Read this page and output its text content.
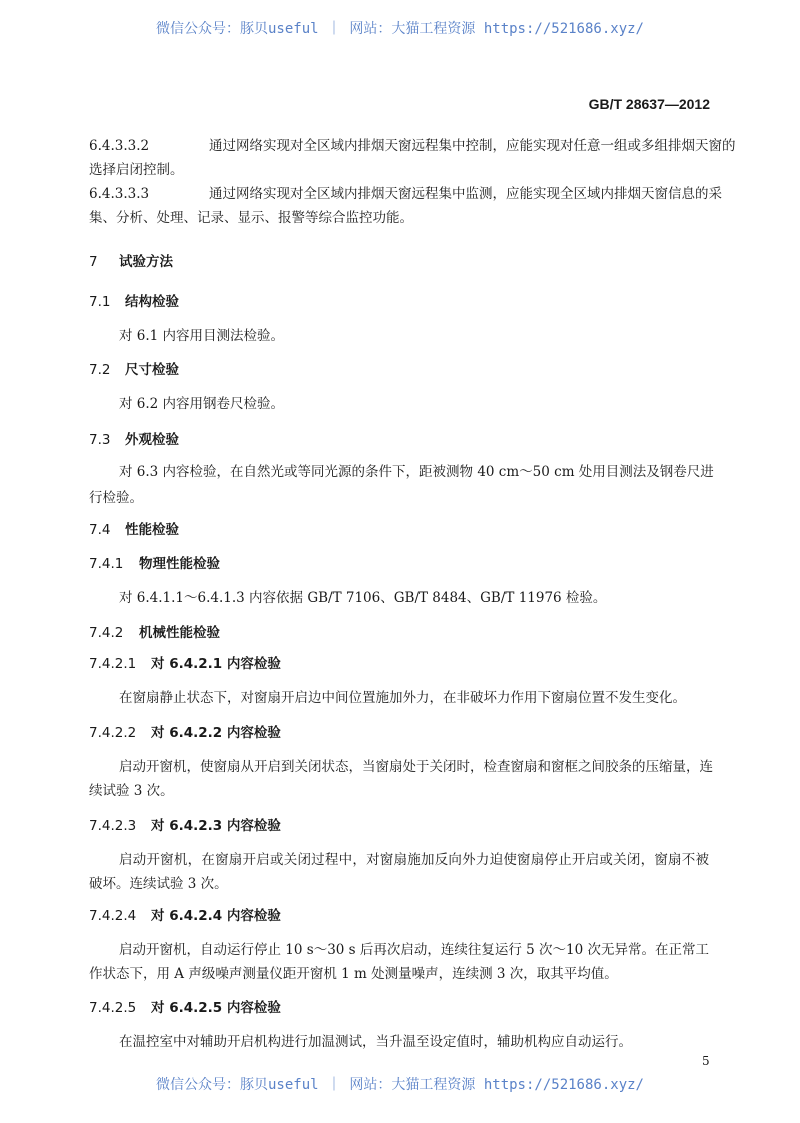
微信公众号：豚贝useful ｜ 网站：大猫工程资源 https://521686.xyz/
GB/T 28637—2012
6.4.3.3.2	通过网络实现对全区域内排烟天窗远程集中控制，应能实现对任意一组或多组排烟天窗的
选择启闭控制。
6.4.3.3.3	通过网络实现对全区域内排烟天窗远程集中监测，应能实现全区域内排烟天窗信息的采
集、分析、处理、记录、显示、报警等综合监控功能。
7 试验方法
7.1 结构检验
对 6.1 内容用目测法检验。
7.2 尺寸检验
对 6.2 内容用钢卷尺检验。
7.3 外观检验
对 6.3 内容检验，在自然光或等同光源的条件下，距被测物 40 cm～50 cm 处用目测法及钢卷尺进
行检验。
7.4 性能检验
7.4.1 物理性能检验
对 6.4.1.1～6.4.1.3 内容依据 GB/T 7106、GB/T 8484、GB/T 11976 检验。
7.4.2 机械性能检验
7.4.2.1 对 6.4.2.1 内容检验
在窗扇静止状态下，对窗扇开启边中间位置施加外力，在非破坏力作用下窗扇位置不发生变化。
7.4.2.2 对 6.4.2.2 内容检验
启动开窗机，使窗扇从开启到关闭状态，当窗扇处于关闭时，检查窗扇和窗框之间胶条的压缩量，连
续试验 3 次。
7.4.2.3 对 6.4.2.3 内容检验
启动开窗机，在窗扇开启或关闭过程中，对窗扇施加反向外力迫使窗扇停止开启或关闭，窗扇不被
破坏。连续试验 3 次。
7.4.2.4 对 6.4.2.4 内容检验
启动开窗机，自动运行停止 10 s～30 s 后再次启动，连续往复运行 5 次～10 次无异常。在正常工
作状态下，用 A 声级噪声测量仪距开窗机 1 m 处测量噪声，连续测 3 次，取其平均值。
7.4.2.5 对 6.4.2.5 内容检验
在温控室中对辅助开启机构进行加温测试，当升温至设定值时，辅助机构应自动运行。
5
微信公众号：豚贝useful ｜ 网站：大猫工程资源 https://521686.xyz/
